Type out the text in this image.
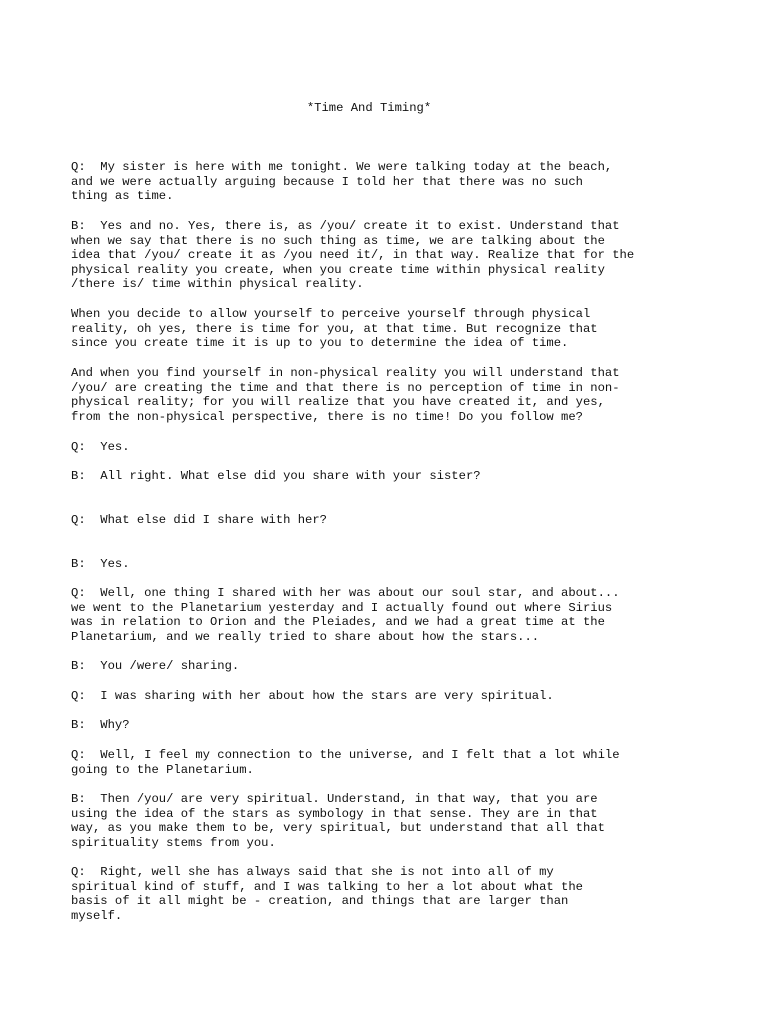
*Time And Timing*

Q:  My sister is here with me tonight. We were talking today at the beach,
and we were actually arguing because I told her that there was no such
thing as time.

B:  Yes and no. Yes, there is, as /you/ create it to exist. Understand that
when we say that there is no such thing as time, we are talking about the
idea that /you/ create it as /you need it/, in that way. Realize that for the
physical reality you create, when you create time within physical reality
/there is/ time within physical reality.

When you decide to allow yourself to perceive yourself through physical
reality, oh yes, there is time for you, at that time. But recognize that
since you create time it is up to you to determine the idea of time.

And when you find yourself in non-physical reality you will understand that
/you/ are creating the time and that there is no perception of time in non-
physical reality; for you will realize that you have created it, and yes,
from the non-physical perspective, there is no time! Do you follow me?

Q:  Yes.

B:  All right. What else did you share with your sister?

Q:  What else did I share with her?

B:  Yes.

Q:  Well, one thing I shared with her was about our soul star, and about...
we went to the Planetarium yesterday and I actually found out where Sirius
was in relation to Orion and the Pleiades, and we had a great time at the
Planetarium, and we really tried to share about how the stars...

B:  You /were/ sharing.

Q:  I was sharing with her about how the stars are very spiritual.

B:  Why?

Q:  Well, I feel my connection to the universe, and I felt that a lot while
going to the Planetarium.

B:  Then /you/ are very spiritual. Understand, in that way, that you are
using the idea of the stars as symbology in that sense. They are in that
way, as you make them to be, very spiritual, but understand that all that
spirituality stems from you.

Q:  Right, well she has always said that she is not into all of my
spiritual kind of stuff, and I was talking to her a lot about what the
basis of it all might be - creation, and things that are larger than
myself.
